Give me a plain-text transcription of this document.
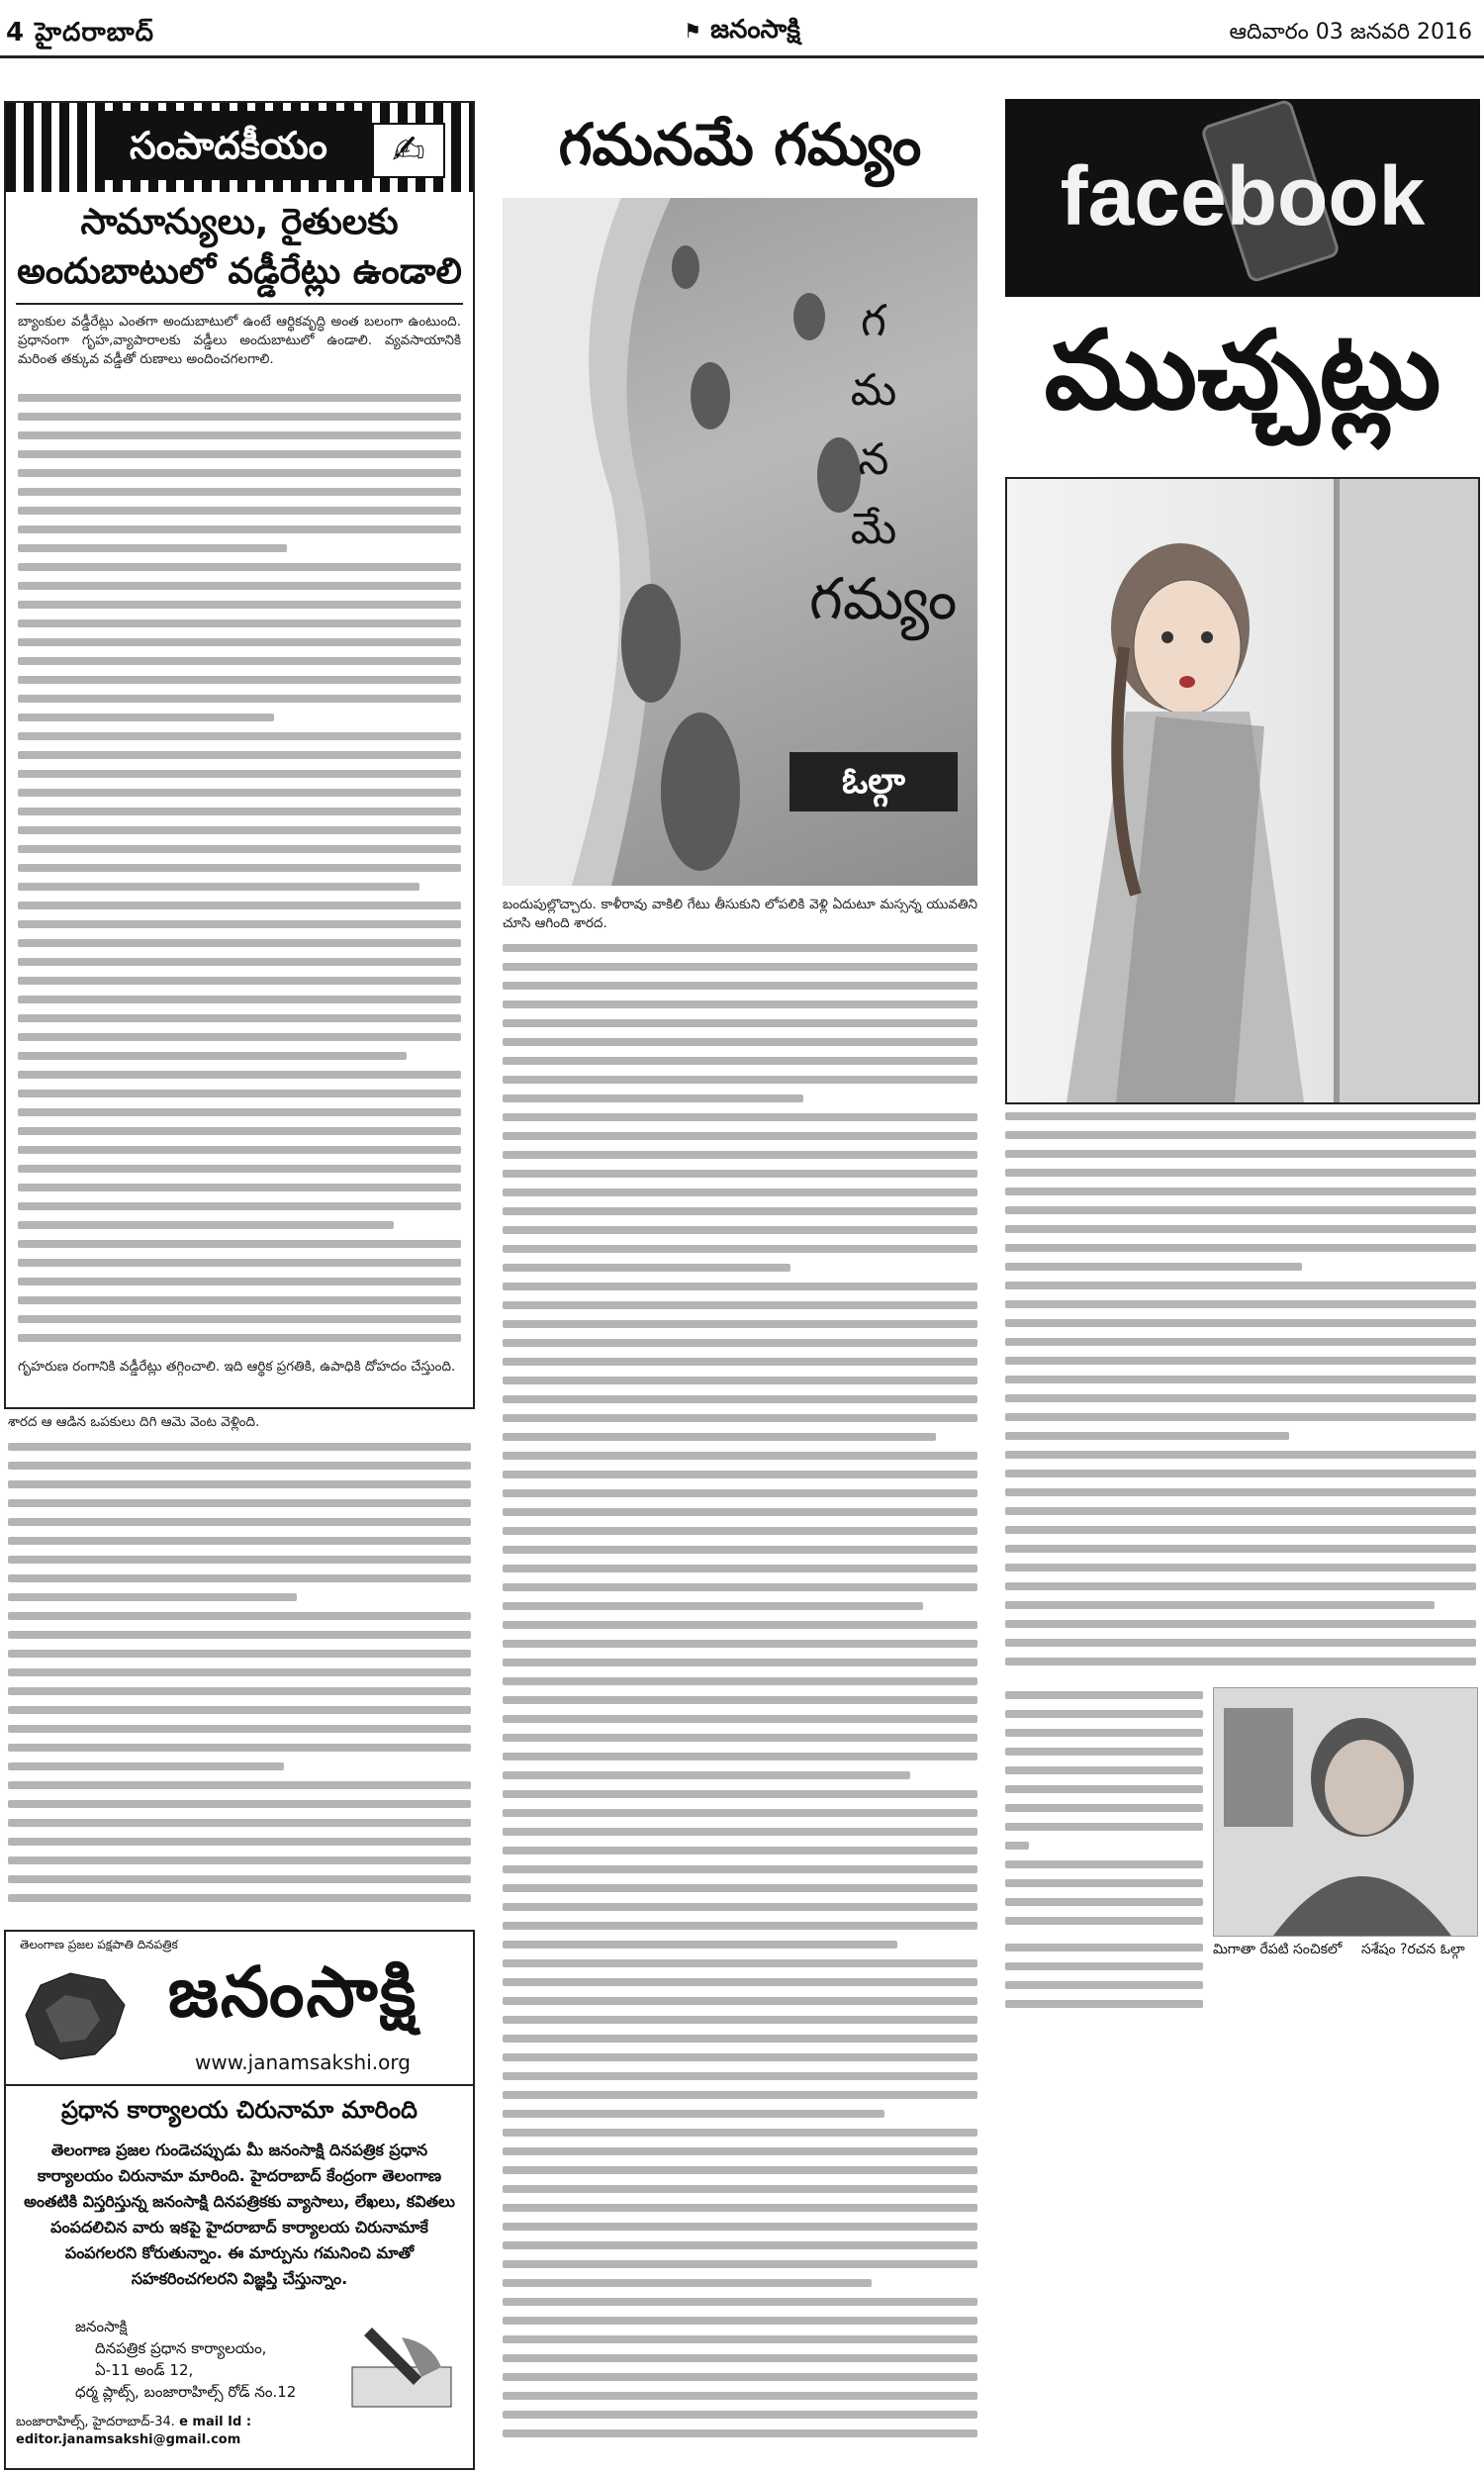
4 హైదరాబాద్	⚑ జనంసాక్షి	ఆదివారం 03 జనవరి 2016
సంపాదకీయం	✍
సామాన్యులు, రైతులకు
అందుబాటులో వడ్డీరేట్లు ఉండాలి
బ్యాంకుల వడ్డీరేట్లు ఎంతగా అందుబాటులో ఉంటే ఆర్థికవృద్ధి అంత బలంగా ఉంటుంది. ప్రధానంగా గృహ,వ్యాపారాలకు వడ్డీలు అందుబాటులో ఉండాలి. వ్యవసాయానికి మరింత తక్కువ వడ్డీతో రుణాలు అందించగలగాలి.
గృహరుణ రంగానికి వడ్డీరేట్లు తగ్గించాలి. ఇది ఆర్థిక ప్రగతికి, ఉపాధికి దోహదం చేస్తుంది.
శారద ఆ ఆడిన ఒపకులు దిగి ఆమె వెంట వెళ్లింది.
తెలంగాణ ప్రజల పక్షపాతి దినపత్రిక
జనంసాక్షి
www.janamsakshi.org
ప్రధాన కార్యాలయ చిరునామా మారింది
తెలంగాణ ప్రజల గుండెచప్పుడు మీ జనంసాక్షి దినపత్రిక ప్రధాన కార్యాలయం చిరునామా మారింది. హైదరాబాద్ కేంద్రంగా తెలంగాణ అంతటికి విస్తరిస్తున్న జనంసాక్షి దినపత్రికకు వ్యాసాలు, లేఖలు, కవితలు పంపదలిచిన వారు ఇకపై హైదరాబాద్ కార్యాలయ చిరునామాకే పంపగలరని కోరుతున్నాం. ఈ మార్పును గమనించి మాతో సహకరించగలరని విజ్ఞప్తి చేస్తున్నాం.
జనంసాక్షి
దినపత్రిక ప్రధాన కార్యాలయం,
ఏ-11 అండ్ 12,
ధర్మ ప్లాట్స్, బంజారాహిల్స్ రోడ్ నం.12
బంజారాహిల్స్, హైదరాబాద్-34. e mail Id : editor.janamsakshi@gmail.com
గమనమే గమ్యం
గ
మ
న
మే
గమ్యం
ఓల్గా
బందుపుల్లొచ్చారు. కాళీరావు వాకిలి గేటు తీసుకుని లోపలికి వెళ్లి ఏదుటూ మస్సన్న యువతిని చూసి ఆగింది శారద.
facebook
ముచ్చట్లు
మిగాతా రేపటి సంచికలో సశేషం ?రచన ఓల్గా
